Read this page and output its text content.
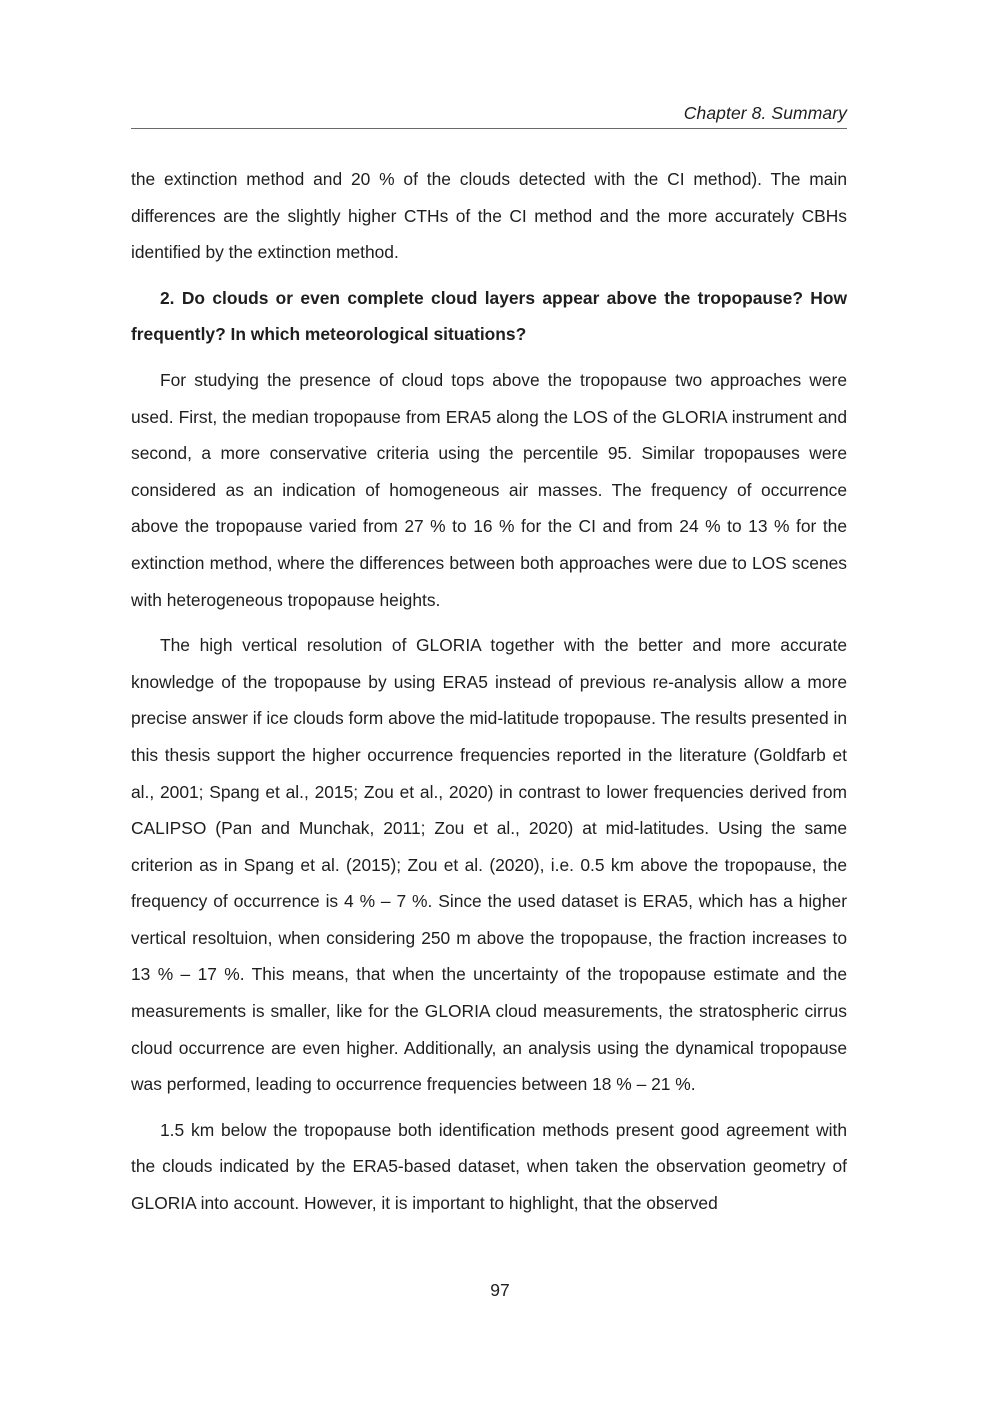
Chapter 8. Summary

the extinction method and 20 % of the clouds detected with the CI method). The main differences are the slightly higher CTHs of the CI method and the more accurately CBHs identified by the extinction method.

2. Do clouds or even complete cloud layers appear above the tropopause? How frequently? In which meteorological situations?

For studying the presence of cloud tops above the tropopause two approaches were used. First, the median tropopause from ERA5 along the LOS of the GLORIA instrument and second, a more conservative criteria using the percentile 95. Similar tropopauses were considered as an indication of homogeneous air masses. The frequency of occurrence above the tropopause varied from 27 % to 16 % for the CI and from 24 % to 13 % for the extinction method, where the differences between both approaches were due to LOS scenes with heterogeneous tropopause heights.

The high vertical resolution of GLORIA together with the better and more accurate knowledge of the tropopause by using ERA5 instead of previous re-analysis allow a more precise answer if ice clouds form above the mid-latitude tropopause. The results presented in this thesis support the higher occurrence frequencies reported in the literature (Goldfarb et al., 2001; Spang et al., 2015; Zou et al., 2020) in contrast to lower frequencies derived from CALIPSO (Pan and Munchak, 2011; Zou et al., 2020) at mid-latitudes. Using the same criterion as in Spang et al. (2015); Zou et al. (2020), i.e. 0.5 km above the tropopause, the frequency of occurrence is 4 % – 7 %. Since the used dataset is ERA5, which has a higher vertical resoltuion, when considering 250 m above the tropopause, the fraction increases to 13 % – 17 %. This means, that when the uncertainty of the tropopause estimate and the measurements is smaller, like for the GLORIA cloud measurements, the stratospheric cirrus cloud occurrence are even higher. Additionally, an analysis using the dynamical tropopause was performed, leading to occurrence frequencies between 18 % – 21 %.

1.5 km below the tropopause both identification methods present good agreement with the clouds indicated by the ERA5-based dataset, when taken the observation geometry of GLORIA into account. However, it is important to highlight, that the observed

97
